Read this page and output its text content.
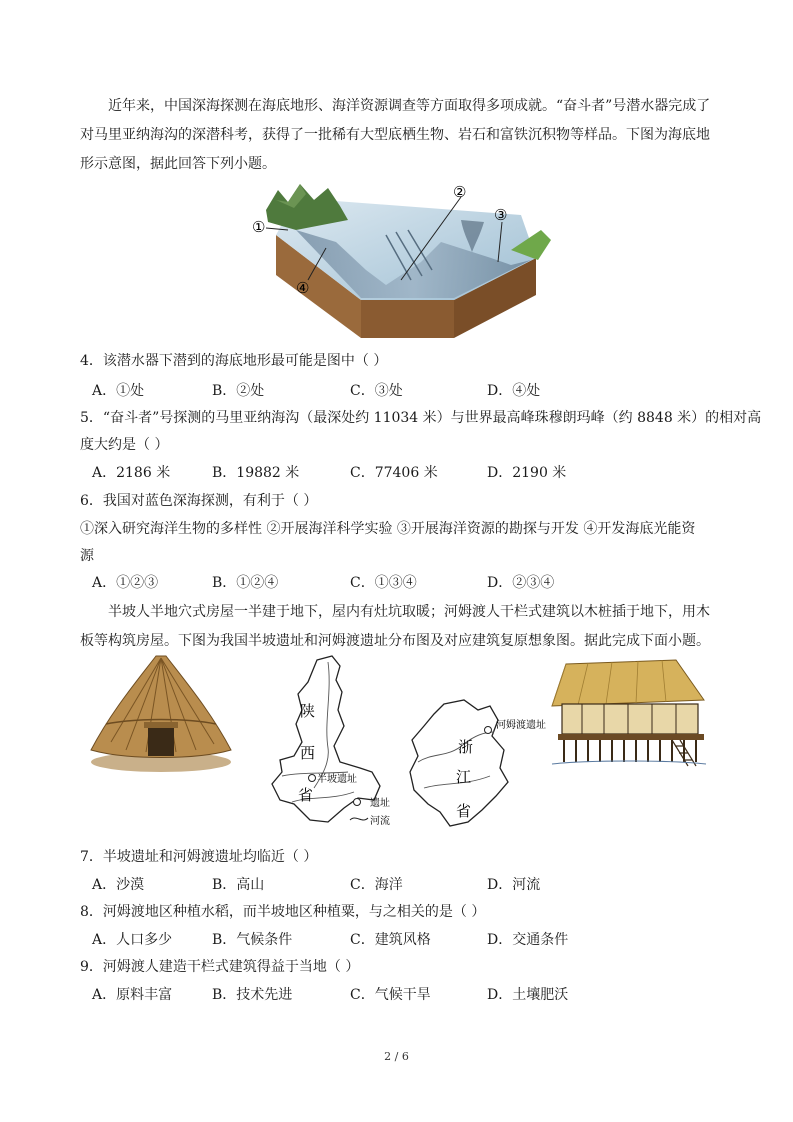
近年来，中国深海探测在海底地形、海洋资源调查等方面取得多项成就。“奋斗者”号潜水器完成了对马里亚纳海沟的深潜科考，获得了一批稀有大型底栖生物、岩石和富铁沉积物等样品。下图为海底地形示意图，据此回答下列小题。

①
②
③
④

4．该潜水器下潜到的海底地形最可能是图中（ ）

A．①处	B．②处	C．③处	D．④处

5．“奋斗者”号探测的马里亚纳海沟（最深处约 11034 米）与世界最高峰珠穆朗玛峰（约 8848 米）的相对高

度大约是（ ）

A．2186 米	B．19882 米	C．77406 米	D．2190 米

6．我国对蓝色深海探测，有利于（ ）

①深入研究海洋生物的多样性 ②开展海洋科学实验 ③开展海洋资源的勘探与开发 ④开发海底光能资

源

A．①②③	B．①②④	C．①③④	D．②③④

半坡人半地穴式房屋一半建于地下，屋内有灶坑取暖；河姆渡人干栏式建筑以木桩插于地下，用木板等构筑房屋。下图为我国半坡遗址和河姆渡遗址分布图及对应建筑复原想象图。据此完成下面小题。

陕
西
省
半坡遗址
遗址
河流
浙
江
省
河姆渡遗址

7．半坡遗址和河姆渡遗址均临近（ ）

A．沙漠	B．高山	C．海洋	D．河流

8．河姆渡地区种植水稻，而半坡地区种植粟，与之相关的是（ ）

A．人口多少	B．气候条件	C．建筑风格	D．交通条件

9．河姆渡人建造干栏式建筑得益于当地（ ）

A．原料丰富	B．技术先进	C．气候干旱	D．土壤肥沃
2 / 6
